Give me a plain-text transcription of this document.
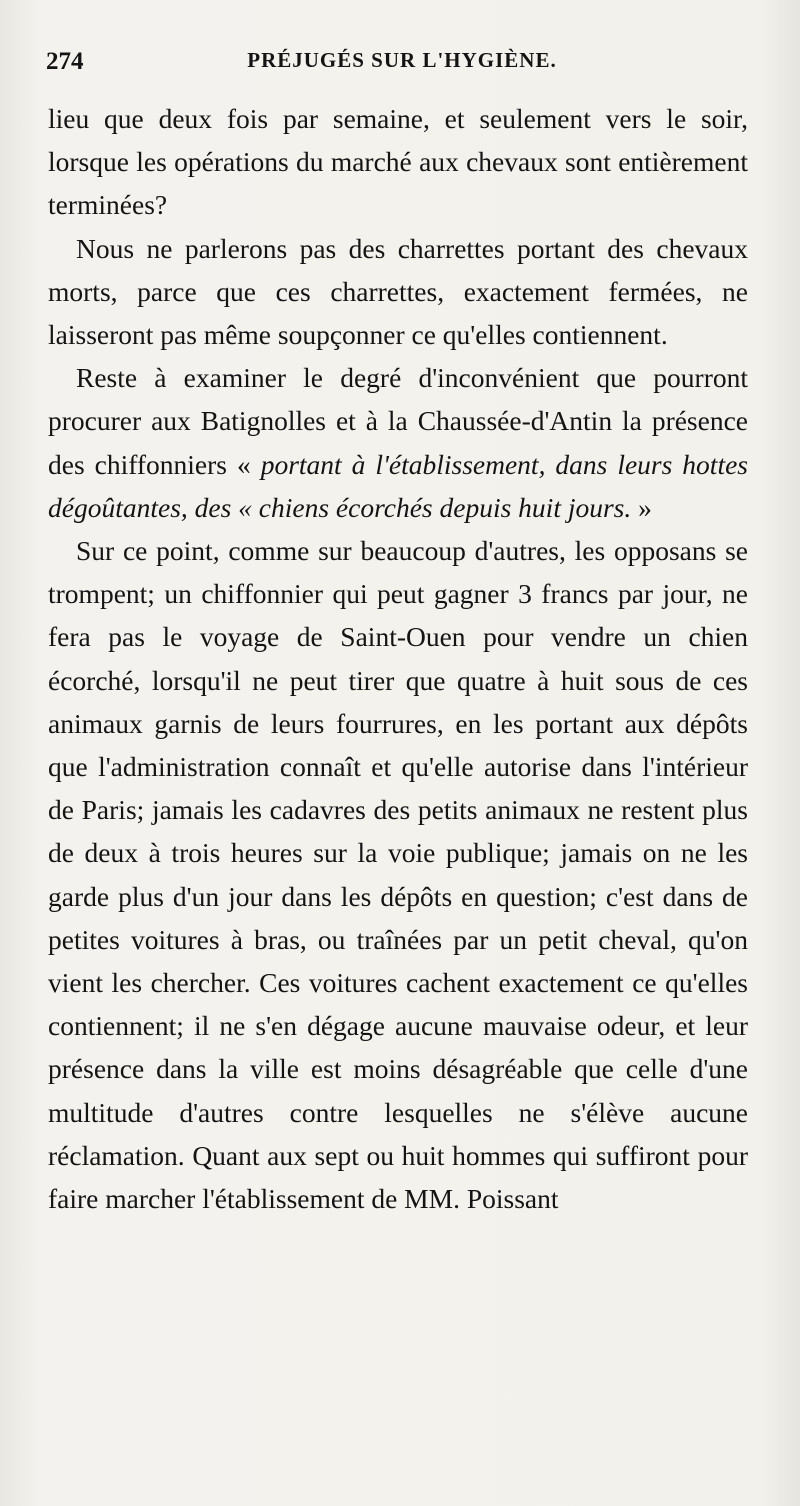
274	PRÉJUGÉS SUR L'HYGIÈNE.

lieu que deux fois par semaine, et seulement vers le soir, lorsque les opérations du marché aux chevaux sont entièrement terminées?

Nous ne parlerons pas des charrettes portant des chevaux morts, parce que ces charrettes, exactement fermées, ne laisseront pas même soupçonner ce qu'elles contiennent.

Reste à examiner le degré d'inconvénient que pourront procurer aux Batignolles et à la Chaussée-d'Antin la présence des chiffonniers « portant à l'établissement, dans leurs hottes dégoûtantes, des « chiens écorchés depuis huit jours. »

Sur ce point, comme sur beaucoup d'autres, les opposans se trompent; un chiffonnier qui peut gagner 3 francs par jour, ne fera pas le voyage de Saint-Ouen pour vendre un chien écorché, lorsqu'il ne peut tirer que quatre à huit sous de ces animaux garnis de leurs fourrures, en les portant aux dépôts que l'administration connaît et qu'elle autorise dans l'intérieur de Paris; jamais les cadavres des petits animaux ne restent plus de deux à trois heures sur la voie publique; jamais on ne les garde plus d'un jour dans les dépôts en question; c'est dans de petites voitures à bras, ou traînées par un petit cheval, qu'on vient les chercher. Ces voitures cachent exactement ce qu'elles contiennent; il ne s'en dégage aucune mauvaise odeur, et leur présence dans la ville est moins désagréable que celle d'une multitude d'autres contre lesquelles ne s'élève aucune réclamation. Quant aux sept ou huit hommes qui suffiront pour faire marcher l'établissement de MM. Poissant
